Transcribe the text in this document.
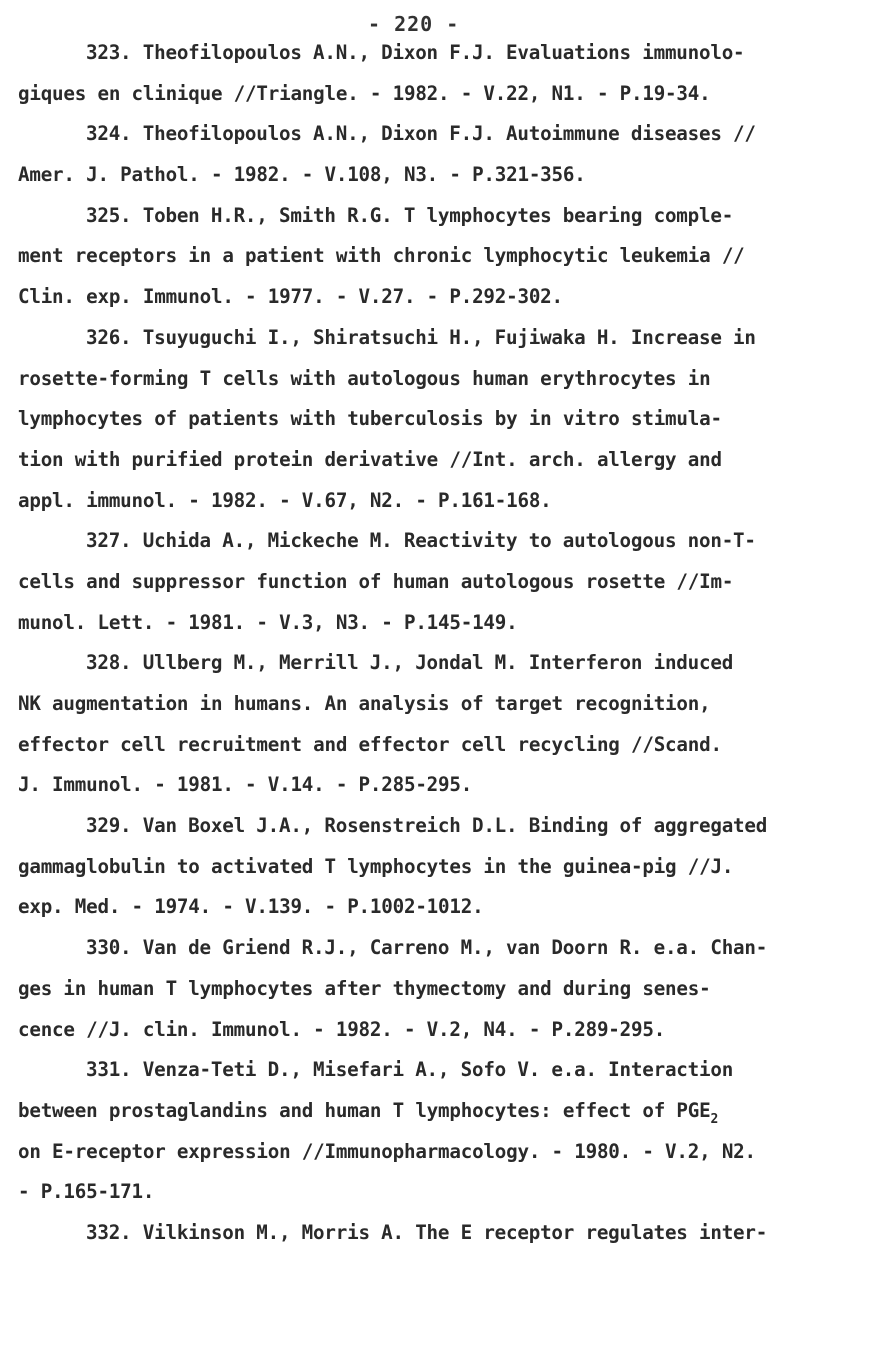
- 220 -
323. Theofilopoulos A.N., Dixon F.J. Evaluations immunolo-
giques en clinique //Triangle. - 1982. - V.22, N1. - P.19-34.
324. Theofilopoulos A.N., Dixon F.J. Autoimmune diseases //
Amer. J. Pathol. - 1982. - V.108, N3. - P.321-356.
325. Toben H.R., Smith R.G. T lymphocytes bearing comple-
ment receptors in a patient with chronic lymphocytic leukemia //
Clin. exp. Immunol. - 1977. - V.27. - P.292-302.
326. Tsuyuguchi I., Shiratsuchi H., Fujiwaka H. Increase in
rosette-forming T cells with autologous human erythrocytes in
lymphocytes of patients with tuberculosis by in vitro stimula-
tion with purified protein derivative //Int. arch. allergy and
appl. immunol. - 1982. - V.67, N2. - P.161-168.
327. Uchida A., Mickeche M. Reactivity to autologous non-T-
cells and suppressor function of human autologous rosette //Im-
munol. Lett. - 1981. - V.3, N3. - P.145-149.
328. Ullberg M., Merrill J., Jondal M. Interferon induced
NK augmentation in humans. An analysis of target recognition,
effector cell recruitment and effector cell recycling //Scand.
J. Immunol. - 1981. - V.14. - P.285-295.
329. Van Boxel J.A., Rosenstreich D.L. Binding of aggregated
gammaglobulin to activated T lymphocytes in the guinea-pig //J.
exp. Med. - 1974. - V.139. - P.1002-1012.
330. Van de Griend R.J., Carreno M., van Doorn R. e.a. Chan-
ges in human T lymphocytes after thymectomy and during senes-
cence //J. clin. Immunol. - 1982. - V.2, N4. - P.289-295.
331. Venza-Teti D., Misefari A., Sofo V. e.a. Interaction
between prostaglandins and human T lymphocytes: effect of $PGE_2$
on E-receptor expression //Immunopharmacology. - 1980. - V.2, N2.
- P.165-171.
332. Vilkinson M., Morris A. The E receptor regulates inter-
